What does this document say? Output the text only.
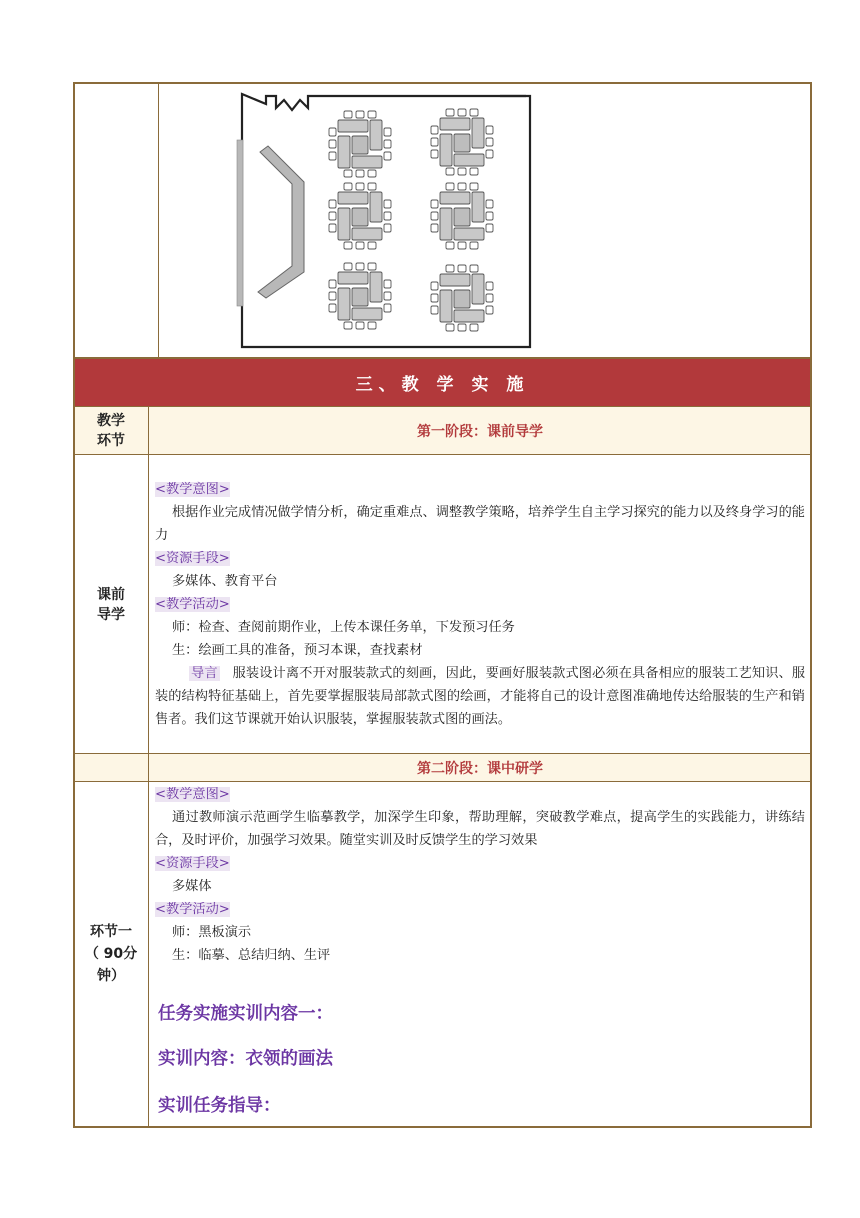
三、教 学 实 施
教学
环节
第一阶段：课前导学
课前
导学

<教学意图>

根据作业完成情况做学情分析，确定重难点、调整教学策略，培养学生自主学习探究的能力以及终身学习的能力

<资源手段>

多媒体、教育平台

<教学活动>

师：检查、查阅前期作业，上传本课任务单，下发预习任务

生：绘画工具的准备，预习本课，查找素材

导言 服装设计离不开对服装款式的刻画，因此，要画好服装款式图必须在具备相应的服装工艺知识、服装的结构特征基础上，首先要掌握服装局部款式图的绘画，才能将自己的设计意图准确地传达给服装的生产和销售者。我们这节课就开始认识服装，掌握服装款式图的画法。

第二阶段：课中研学
环节一
（ 90分
钟）

<教学意图>

通过教师演示范画学生临摹教学，加深学生印象，帮助理解，突破教学难点，提高学生的实践能力，讲练结合，及时评价，加强学习效果。随堂实训及时反馈学生的学习效果

<资源手段>

多媒体

<教学活动>

师：黑板演示

生：临摹、总结归纳、生评

任务实施实训内容一：
实训内容：衣领的画法
实训任务指导：
